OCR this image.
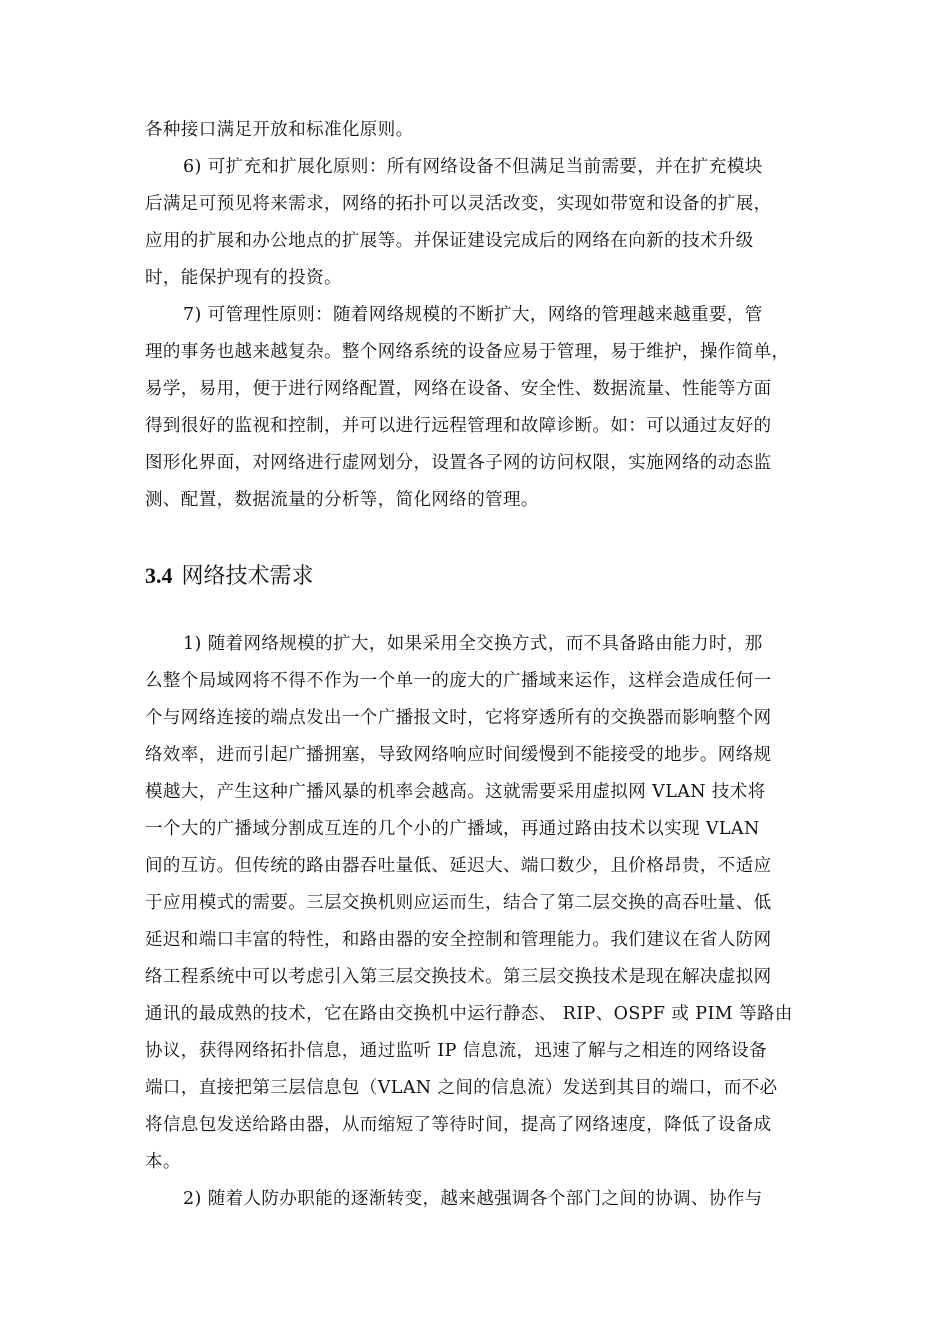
各种接口满足开放和标准化原则。
6) 可扩充和扩展化原则：所有网络设备不但满足当前需要，并在扩充模块
后满足可预见将来需求，网络的拓扑可以灵活改变，实现如带宽和设备的扩展，
应用的扩展和办公地点的扩展等。并保证建设完成后的网络在向新的技术升级
时，能保护现有的投资。
7) 可管理性原则：随着网络规模的不断扩大，网络的管理越来越重要，管
理的事务也越来越复杂。整个网络系统的设备应易于管理，易于维护，操作简单，
易学，易用，便于进行网络配置，网络在设备、安全性、数据流量、性能等方面
得到很好的监视和控制，并可以进行远程管理和故障诊断。如：可以通过友好的
图形化界面，对网络进行虚网划分，设置各子网的访问权限，实施网络的动态监
测、配置，数据流量的分析等，简化网络的管理。
3.4 网络技术需求
1) 随着网络规模的扩大，如果采用全交换方式，而不具备路由能力时，那
么整个局域网将不得不作为一个单一的庞大的广播域来运作，这样会造成任何一
个与网络连接的端点发出一个广播报文时，它将穿透所有的交换器而影响整个网
络效率，进而引起广播拥塞，导致网络响应时间缓慢到不能接受的地步。网络规
模越大，产生这种广播风暴的机率会越高。这就需要采用虚拟网 VLAN 技术将
一个大的广播域分割成互连的几个小的广播域，再通过路由技术以实现 VLAN
间的互访。但传统的路由器吞吐量低、延迟大、端口数少，且价格昂贵，不适应
于应用模式的需要。三层交换机则应运而生，结合了第二层交换的高吞吐量、低
延迟和端口丰富的特性，和路由器的安全控制和管理能力。我们建议在省人防网
络工程系统中可以考虑引入第三层交换技术。第三层交换技术是现在解决虚拟网
通讯的最成熟的技术，它在路由交换机中运行静态、 RIP、OSPF 或 PIM 等路由
协议，获得网络拓扑信息，通过监听 IP 信息流，迅速了解与之相连的网络设备
端口，直接把第三层信息包（VLAN 之间的信息流）发送到其目的端口，而不必
将信息包发送给路由器，从而缩短了等待时间，提高了网络速度，降低了设备成
本。
2) 随着人防办职能的逐渐转变，越来越强调各个部门之间的协调、协作与
